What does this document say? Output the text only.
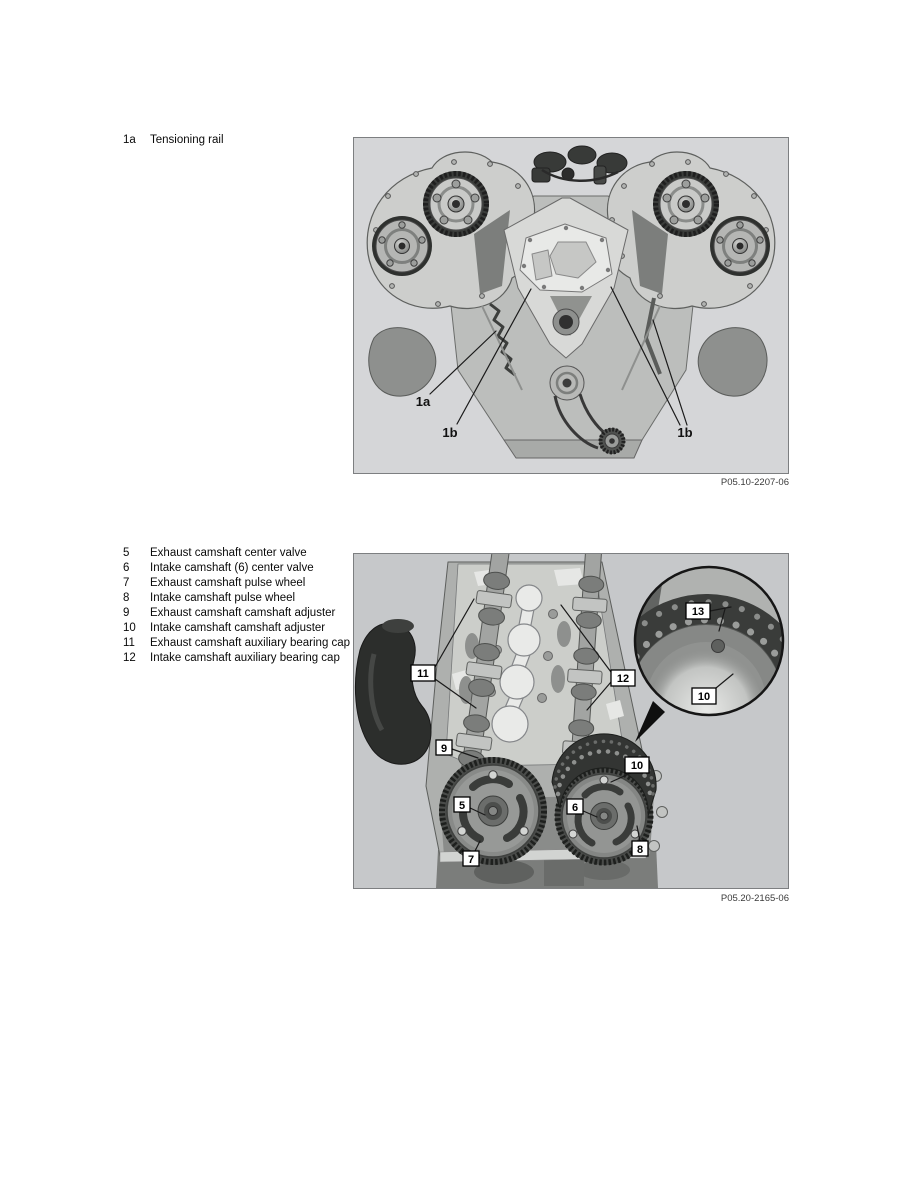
1a	Tensioning rail
1a
1b	1b
P05.10-2207-06
5	Exhaust camshaft center valve
6	Intake camshaft (6) center valve
7	Exhaust camshaft pulse wheel
8	Intake camshaft pulse wheel
9	Exhaust camshaft camshaft adjuster
10	Intake camshaft camshaft adjuster
11	Exhaust camshaft auxiliary bearing cap
12	Intake camshaft auxiliary bearing cap
11	12
9
10
5	6
7
8
13
10
P05.20-2165-06
